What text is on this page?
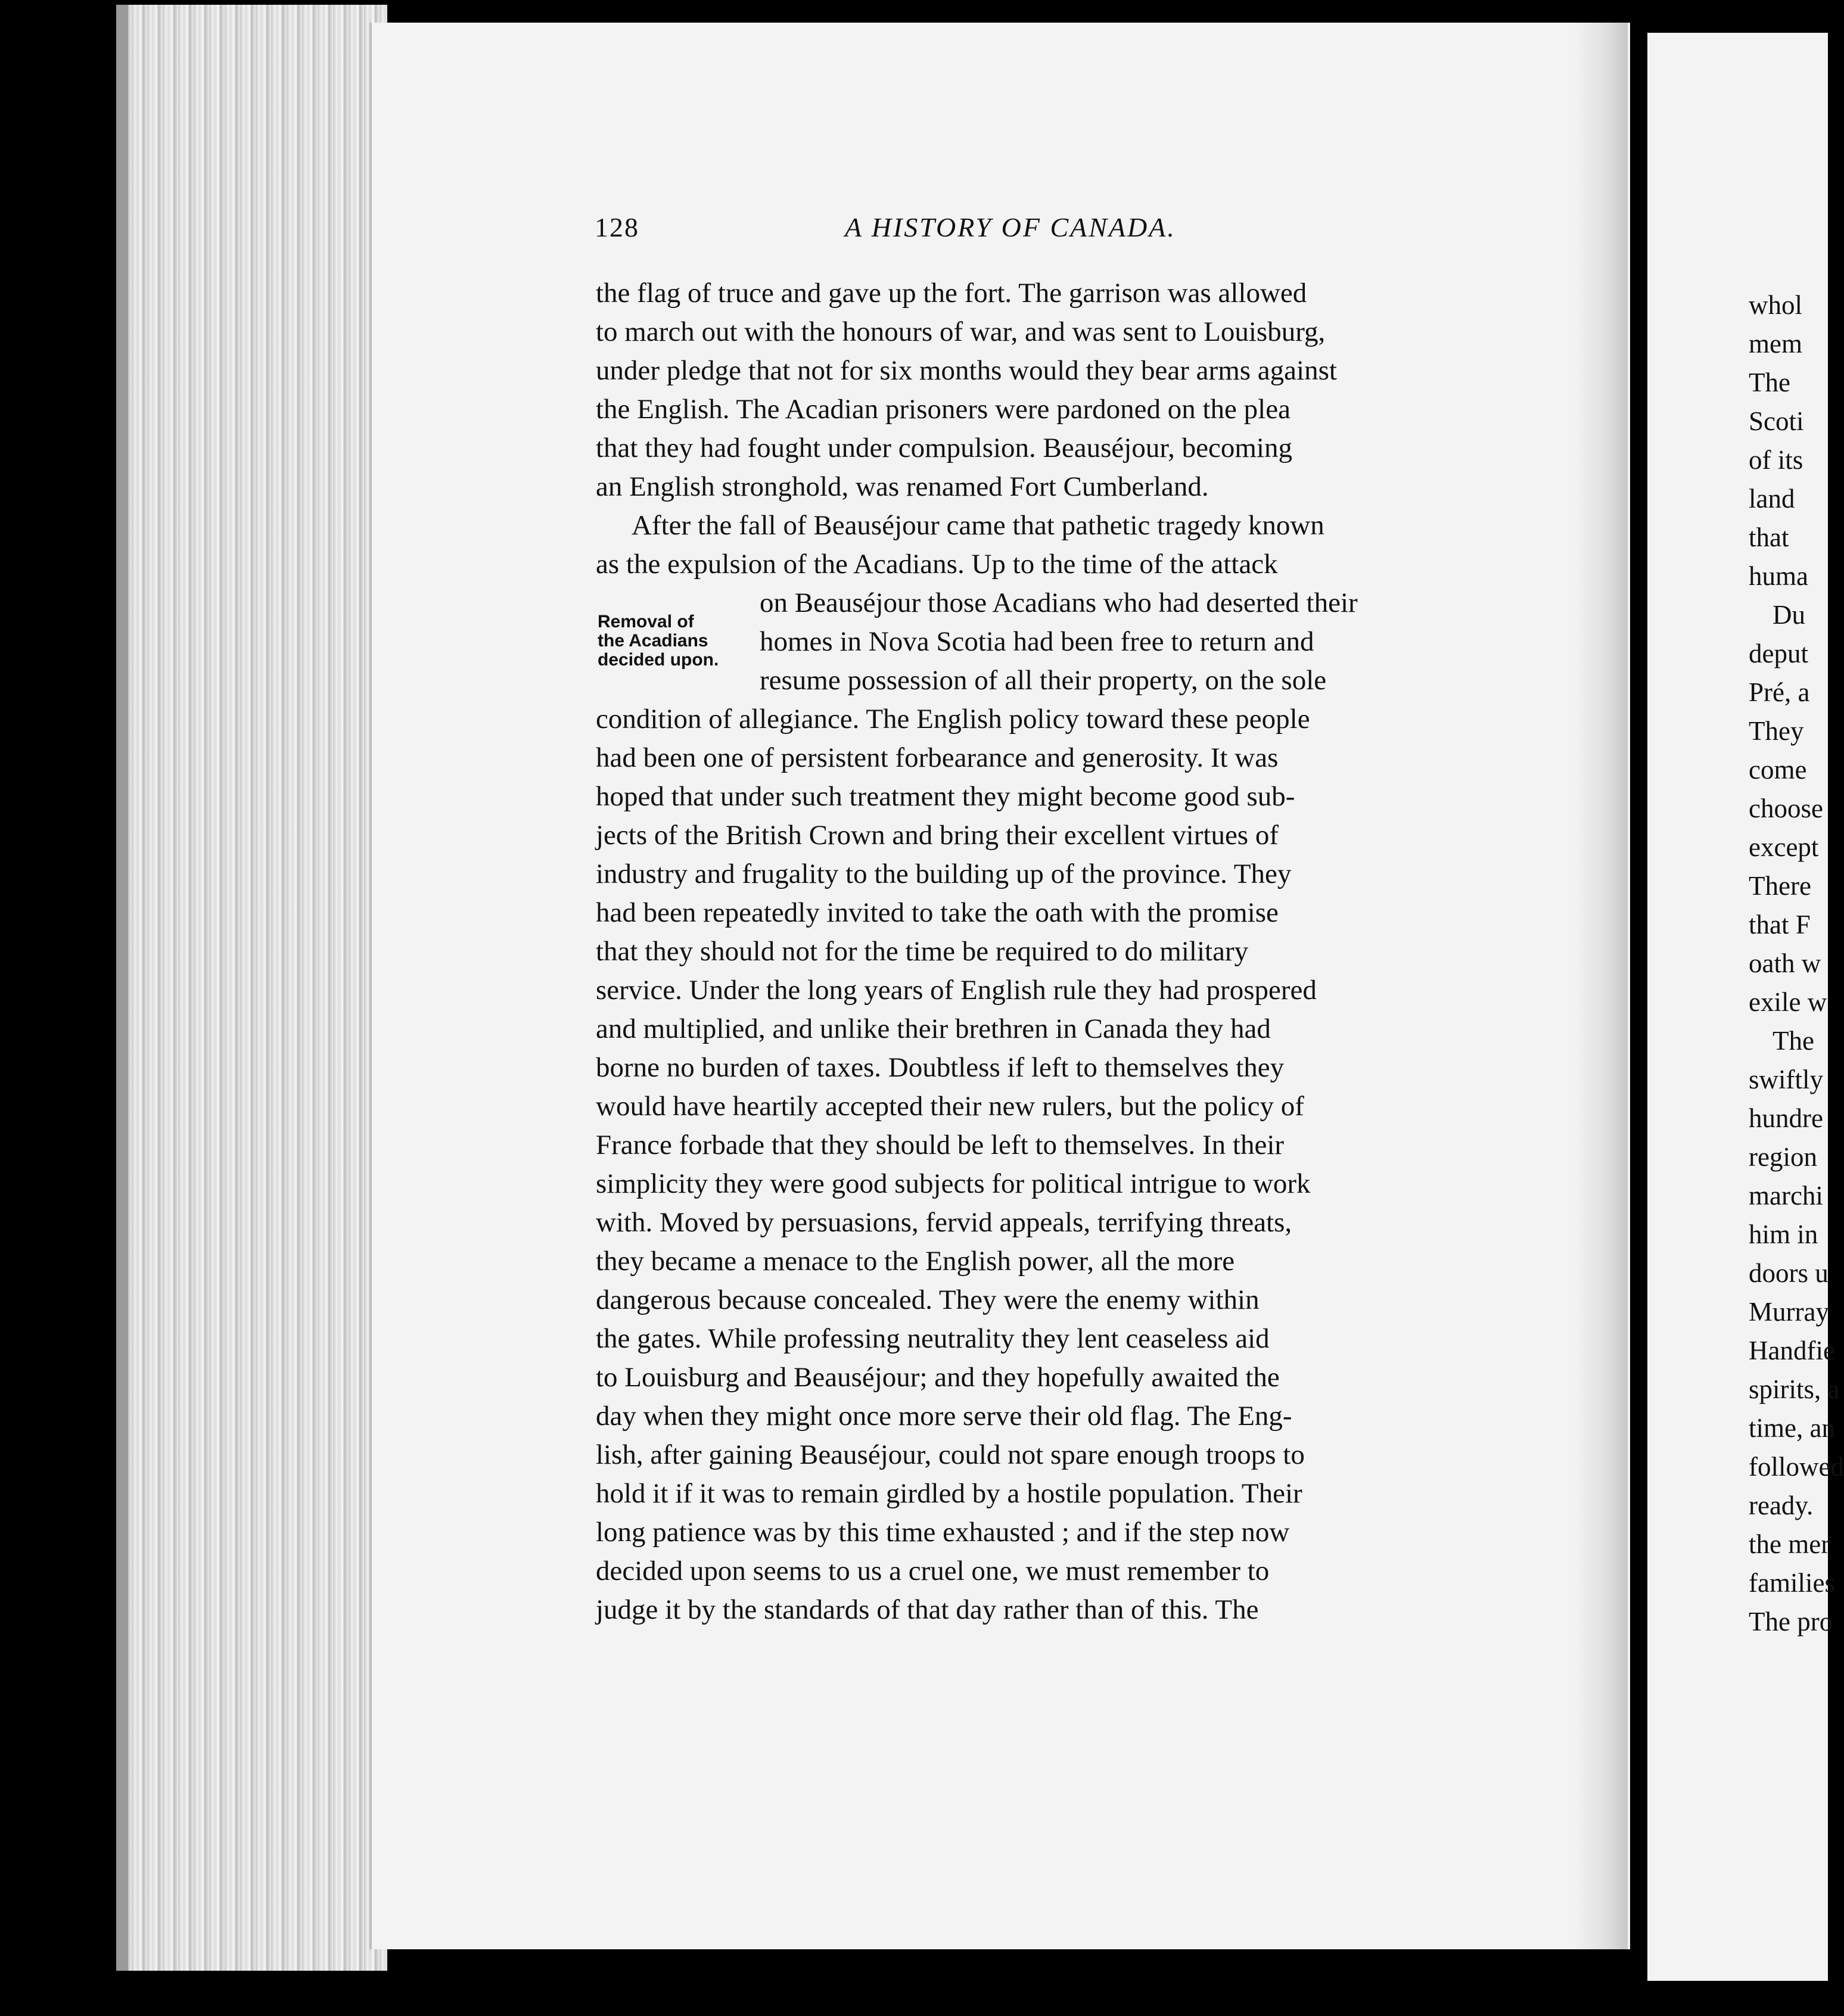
128	A HISTORY OF CANADA.
Removal of
the Acadians
decided upon.
the flag of truce and gave up the fort. The garrison was allowed
to march out with the honours of war, and was sent to Louisburg,
under pledge that not for six months would they bear arms against
the English. The Acadian prisoners were pardoned on the plea
that they had fought under compulsion. Beauséjour, becoming
an English stronghold, was renamed Fort Cumberland.
After the fall of Beauséjour came that pathetic tragedy known
as the expulsion of the Acadians. Up to the time of the attack
on Beauséjour those Acadians who had deserted their
homes in Nova Scotia had been free to return and
resume possession of all their property, on the sole
condition of allegiance. The English policy toward these people
had been one of persistent forbearance and generosity. It was
hoped that under such treatment they might become good sub-
jects of the British Crown and bring their excellent virtues of
industry and frugality to the building up of the province. They
had been repeatedly invited to take the oath with the promise
that they should not for the time be required to do military
service. Under the long years of English rule they had prospered
and multiplied, and unlike their brethren in Canada they had
borne no burden of taxes. Doubtless if left to themselves they
would have heartily accepted their new rulers, but the policy of
France forbade that they should be left to themselves. In their
simplicity they were good subjects for political intrigue to work
with. Moved by persuasions, fervid appeals, terrifying threats,
they became a menace to the English power, all the more
dangerous because concealed. They were the enemy within
the gates. While professing neutrality they lent ceaseless aid
to Louisburg and Beauséjour; and they hopefully awaited the
day when they might once more serve their old flag. The Eng-
lish, after gaining Beauséjour, could not spare enough troops to
hold it if it was to remain girdled by a hostile population. Their
long patience was by this time exhausted ; and if the step now
decided upon seems to us a cruel one, we must remember to
judge it by the standards of that day rather than of this. The
whol
mem
The
Scoti
of its
land
that
huma
Du
deput
Pré, a
They
come
choose
except
There
that F
oath w
exile w
The
swiftly
hundre
region
marchi
him in
doors u
Murray
Handfie
spirits, a
time, an
followed
ready.
the mer
families
The pro
